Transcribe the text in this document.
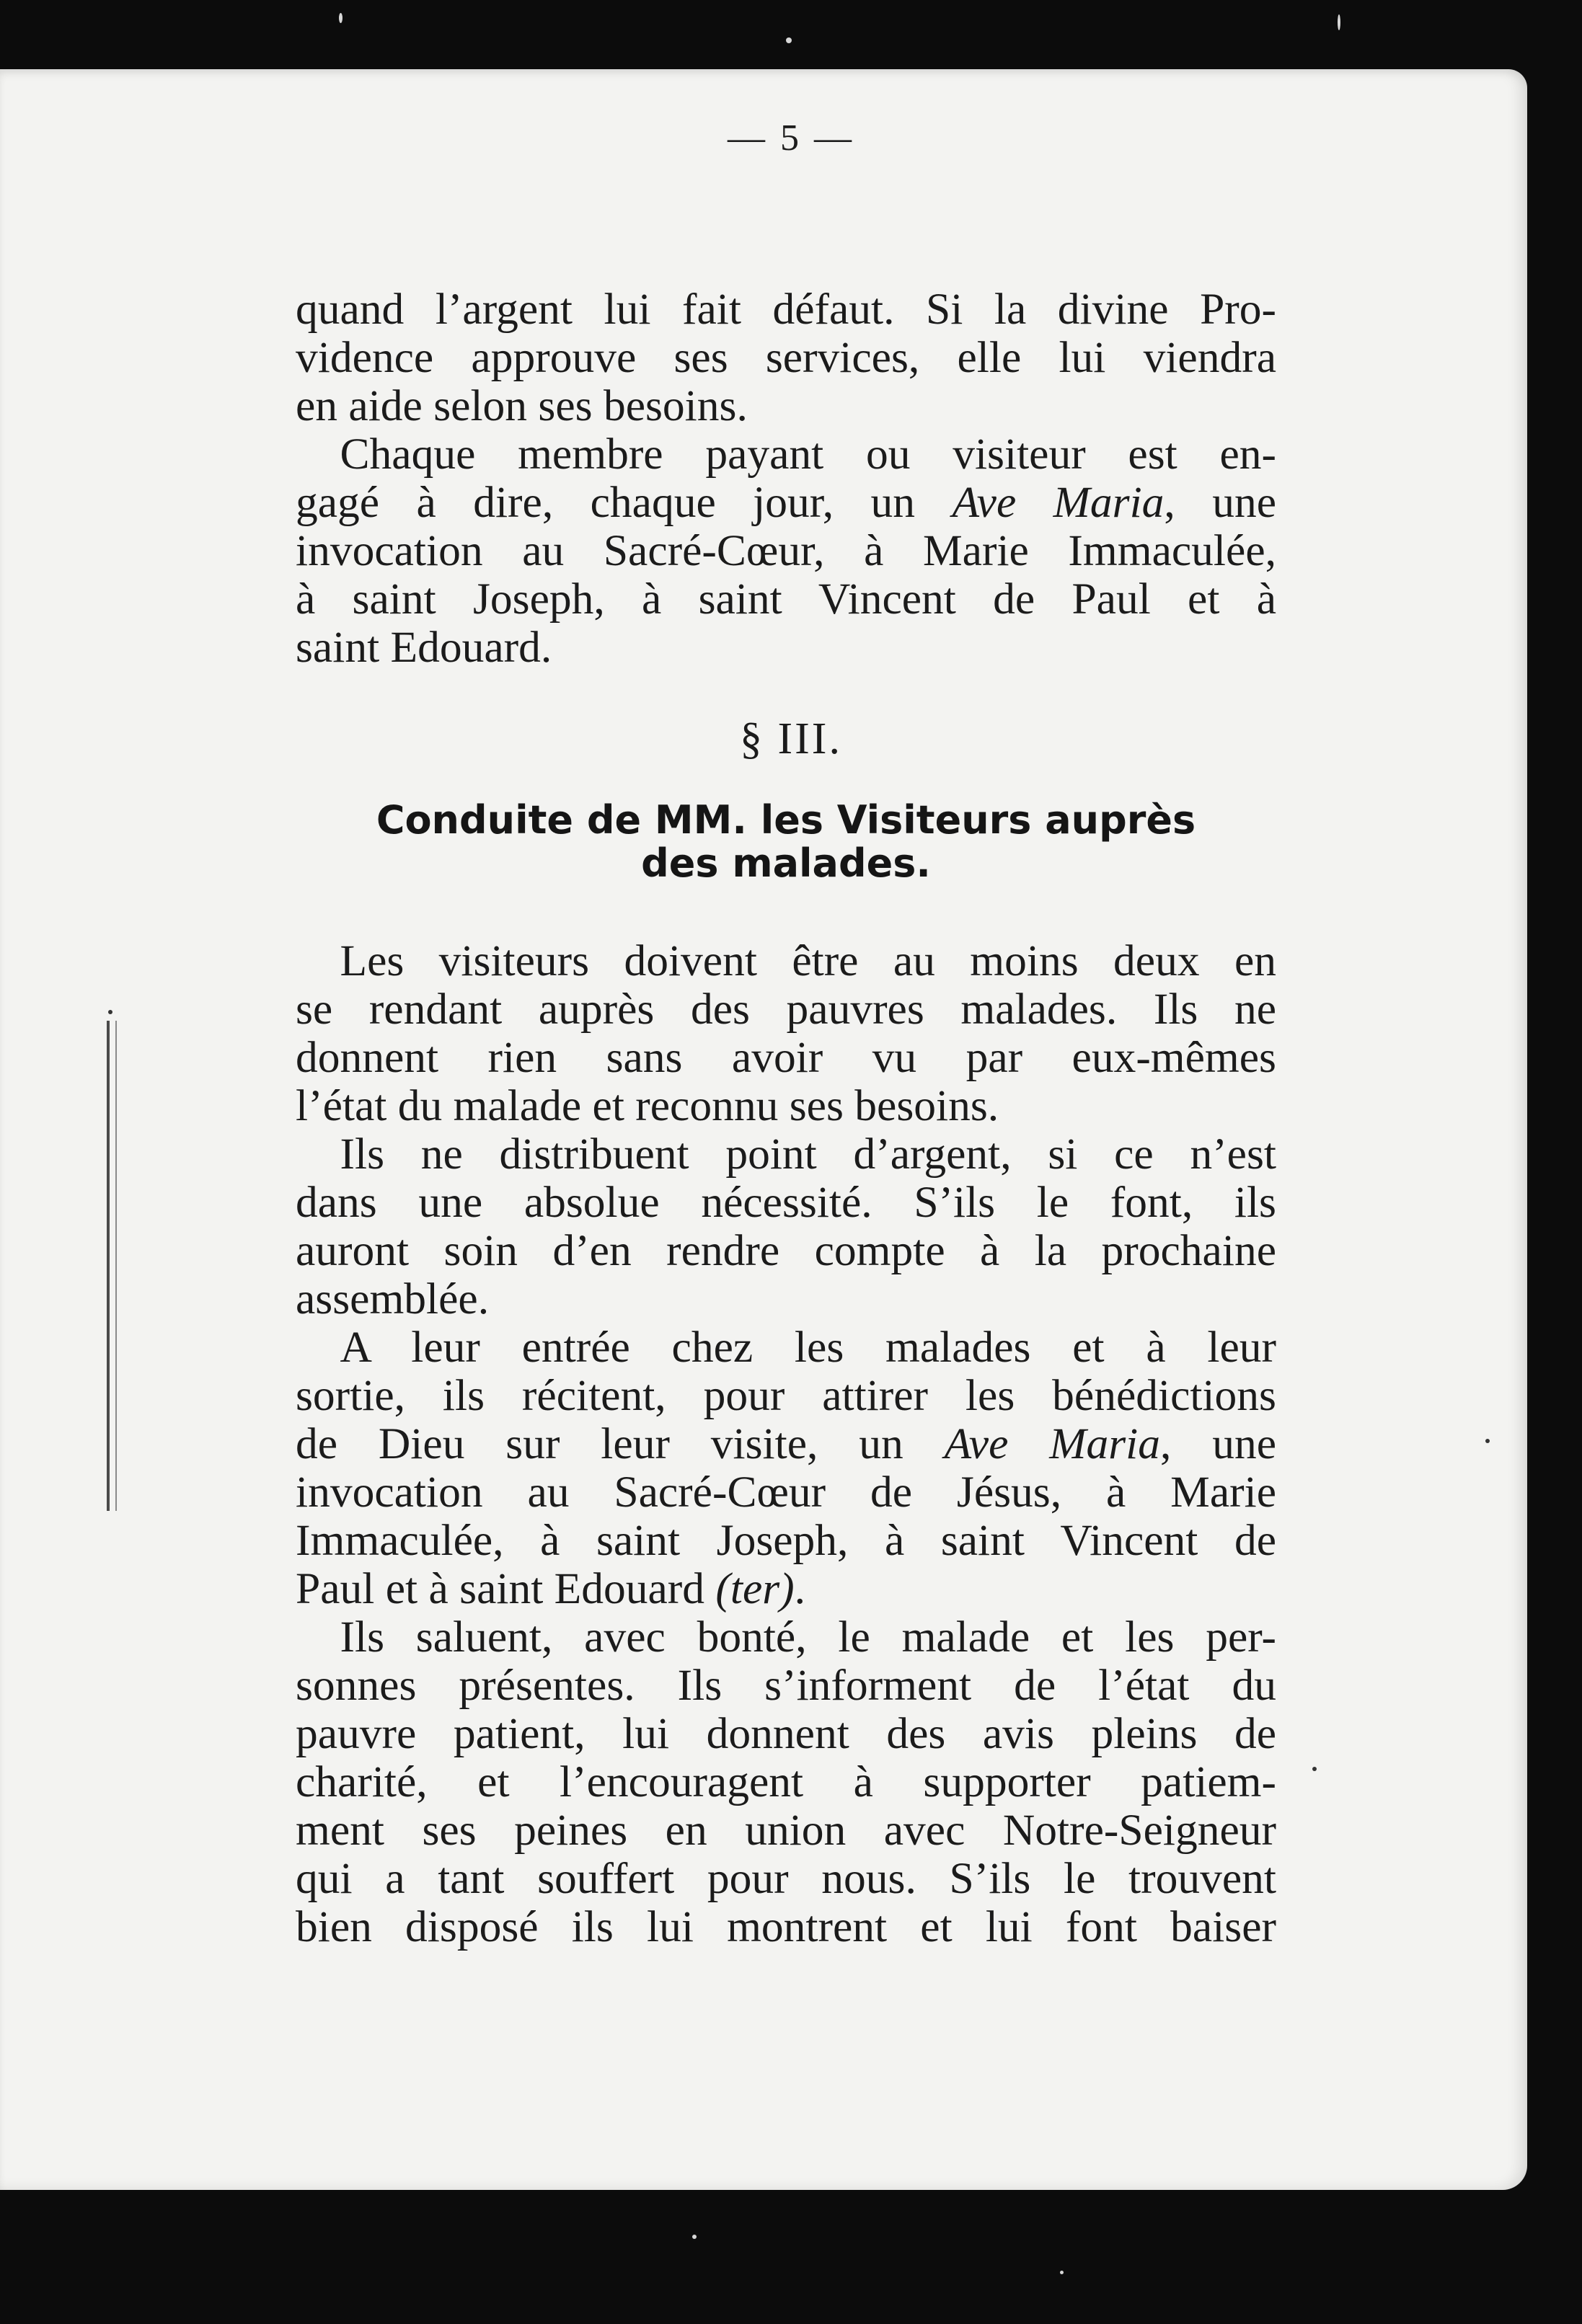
— 5 —
quand l’argent lui fait défaut. Si la divine Pro-
vidence approuve ses services, elle lui viendra
en aide selon ses besoins.
 Chaque membre payant ou visiteur est en-
gagé à dire, chaque jour, un Ave Maria, une
invocation au Sacré-Cœur, à Marie Immaculée,
à saint Joseph, à saint Vincent de Paul et à
saint Edouard.
§ III.
Conduite de MM. les Visiteurs auprès
des malades.
 Les visiteurs doivent être au moins deux en
se rendant auprès des pauvres malades. Ils ne
donnent rien sans avoir vu par eux-mêmes
l’état du malade et reconnu ses besoins.
 Ils ne distribuent point d’argent, si ce n’est
dans une absolue nécessité. S’ils le font, ils
auront soin d’en rendre compte à la prochaine
assemblée.
 A leur entrée chez les malades et à leur
sortie, ils récitent, pour attirer les bénédictions
de Dieu sur leur visite, un Ave Maria, une
invocation au Sacré-Cœur de Jésus, à Marie
Immaculée, à saint Joseph, à saint Vincent de
Paul et à saint Edouard (ter).
 Ils saluent, avec bonté, le malade et les per-
sonnes présentes. Ils s’informent de l’état du
pauvre patient, lui donnent des avis pleins de
charité, et l’encouragent à supporter patiem-
ment ses peines en union avec Notre-Seigneur
qui a tant souffert pour nous. S’ils le trouvent
bien disposé ils lui montrent et lui font baiser
